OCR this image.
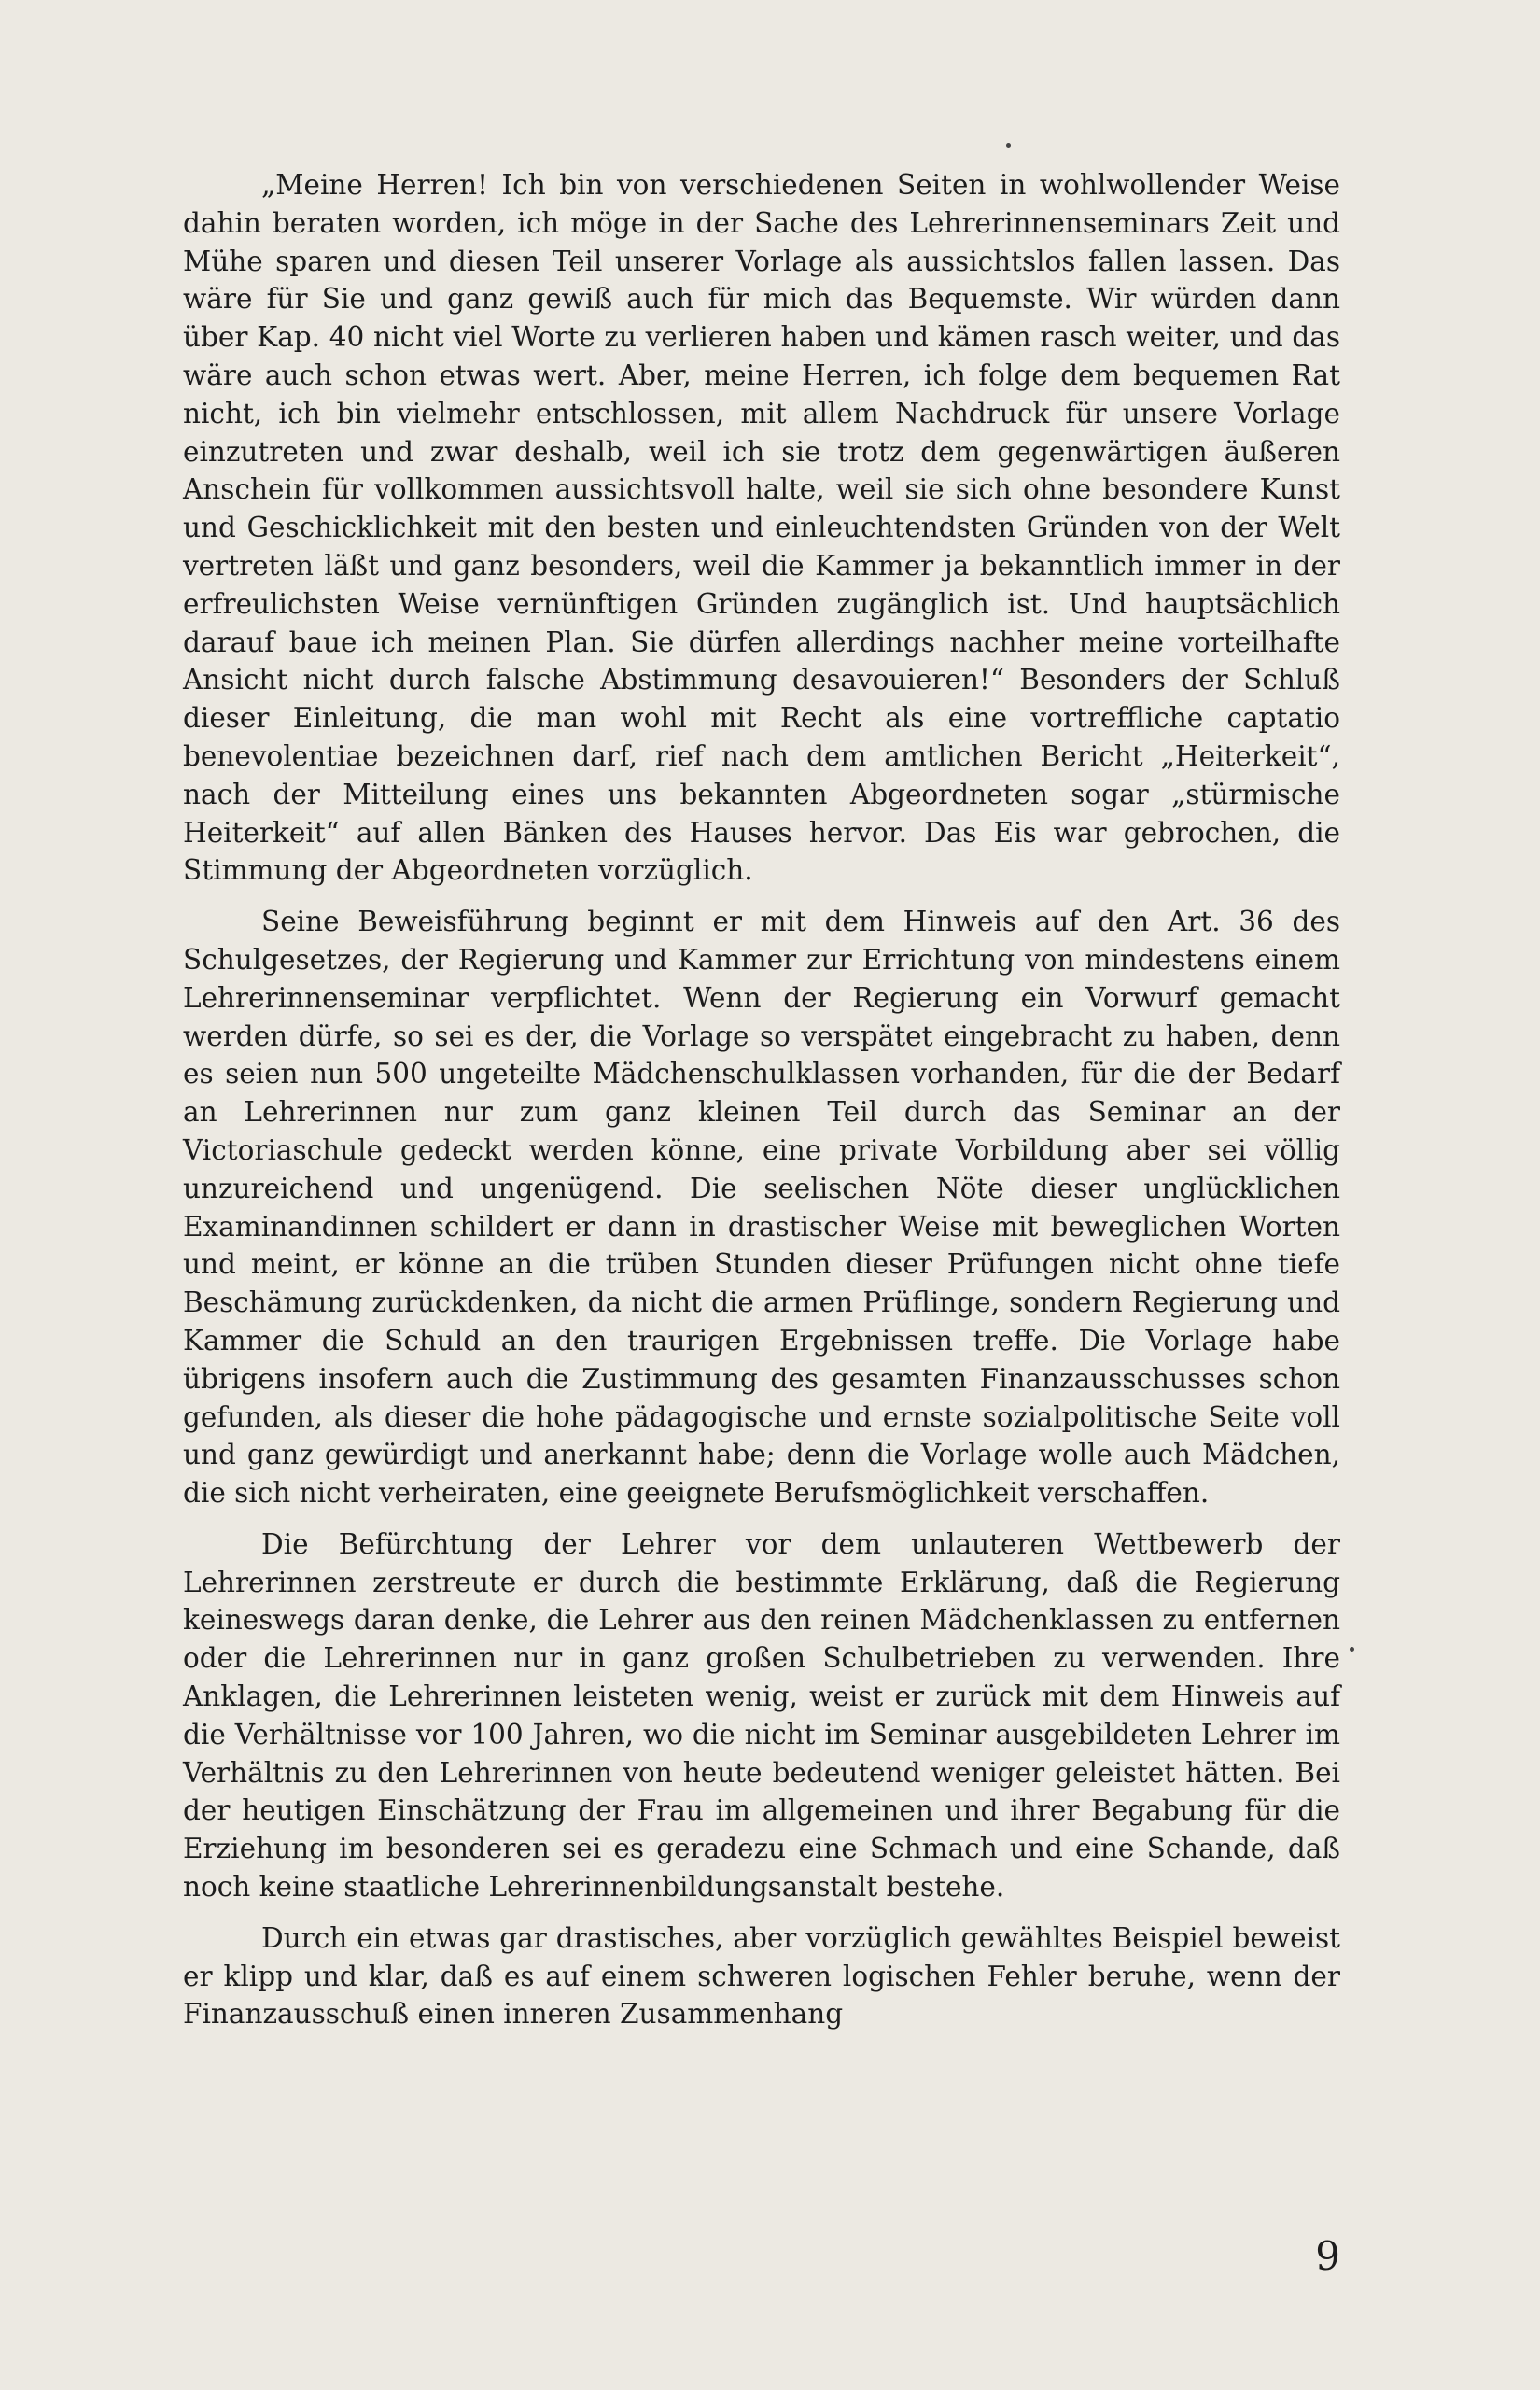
„Meine Herren! Ich bin von verschiedenen Seiten in wohlwollender Weise dahin beraten worden, ich möge in der Sache des Lehrerinnenseminars Zeit und Mühe sparen und diesen Teil unserer Vorlage als aussichtslos fallen lassen. Das wäre für Sie und ganz gewiß auch für mich das Bequemste. Wir würden dann über Kap. 40 nicht viel Worte zu verlieren haben und kämen rasch weiter, und das wäre auch schon etwas wert. Aber, meine Herren, ich folge dem bequemen Rat nicht, ich bin vielmehr entschlossen, mit allem Nachdruck für unsere Vorlage einzutreten und zwar deshalb, weil ich sie trotz dem gegenwärtigen äußeren Anschein für vollkommen aussichtsvoll halte, weil sie sich ohne besondere Kunst und Geschicklichkeit mit den besten und einleuchtendsten Gründen von der Welt vertreten läßt und ganz besonders, weil die Kammer ja bekanntlich immer in der erfreulichsten Weise vernünftigen Gründen zugänglich ist. Und hauptsächlich darauf baue ich meinen Plan. Sie dürfen allerdings nachher meine vorteilhafte Ansicht nicht durch falsche Abstimmung desavouieren!“ Besonders der Schluß dieser Einleitung, die man wohl mit Recht als eine vortreffliche captatio benevolentiae bezeichnen darf, rief nach dem amtlichen Bericht „Heiterkeit“, nach der Mitteilung eines uns bekannten Abgeordneten sogar „stürmische Heiterkeit“ auf allen Bänken des Hauses hervor. Das Eis war gebrochen, die Stimmung der Abgeordneten vorzüglich.

Seine Beweisführung beginnt er mit dem Hinweis auf den Art. 36 des Schulgesetzes, der Regierung und Kammer zur Errichtung von mindestens einem Lehrerinnenseminar verpflichtet. Wenn der Regierung ein Vorwurf gemacht werden dürfe, so sei es der, die Vorlage so verspätet eingebracht zu haben, denn es seien nun 500 ungeteilte Mädchenschulklassen vorhanden, für die der Bedarf an Lehrerinnen nur zum ganz kleinen Teil durch das Seminar an der Victoriaschule gedeckt werden könne, eine private Vorbildung aber sei völlig unzureichend und ungenügend. Die seelischen Nöte dieser unglücklichen Examinandinnen schildert er dann in drastischer Weise mit beweglichen Worten und meint, er könne an die trüben Stunden dieser Prüfungen nicht ohne tiefe Beschämung zurückdenken, da nicht die armen Prüflinge, sondern Regierung und Kammer die Schuld an den traurigen Ergebnissen treffe. Die Vorlage habe übrigens insofern auch die Zustimmung des gesamten Finanzausschusses schon gefunden, als dieser die hohe pädagogische und ernste sozialpolitische Seite voll und ganz gewürdigt und anerkannt habe; denn die Vorlage wolle auch Mädchen, die sich nicht verheiraten, eine geeignete Berufsmöglichkeit verschaffen.

Die Befürchtung der Lehrer vor dem unlauteren Wettbewerb der Lehrerinnen zerstreute er durch die bestimmte Erklärung, daß die Regierung keineswegs daran denke, die Lehrer aus den reinen Mädchenklassen zu entfernen oder die Lehrerinnen nur in ganz großen Schulbetrieben zu verwenden. Ihre Anklagen, die Lehrerinnen leisteten wenig, weist er zurück mit dem Hinweis auf die Verhältnisse vor 100 Jahren, wo die nicht im Seminar ausgebildeten Lehrer im Verhältnis zu den Lehrerinnen von heute bedeutend weniger geleistet hätten. Bei der heutigen Einschätzung der Frau im allgemeinen und ihrer Begabung für die Erziehung im besonderen sei es geradezu eine Schmach und eine Schande, daß noch keine staatliche Lehrerinnenbildungsanstalt bestehe.

Durch ein etwas gar drastisches, aber vorzüglich gewähltes Beispiel beweist er klipp und klar, daß es auf einem schweren logischen Fehler beruhe, wenn der Finanzausschuß einen inneren Zusammenhang

9
